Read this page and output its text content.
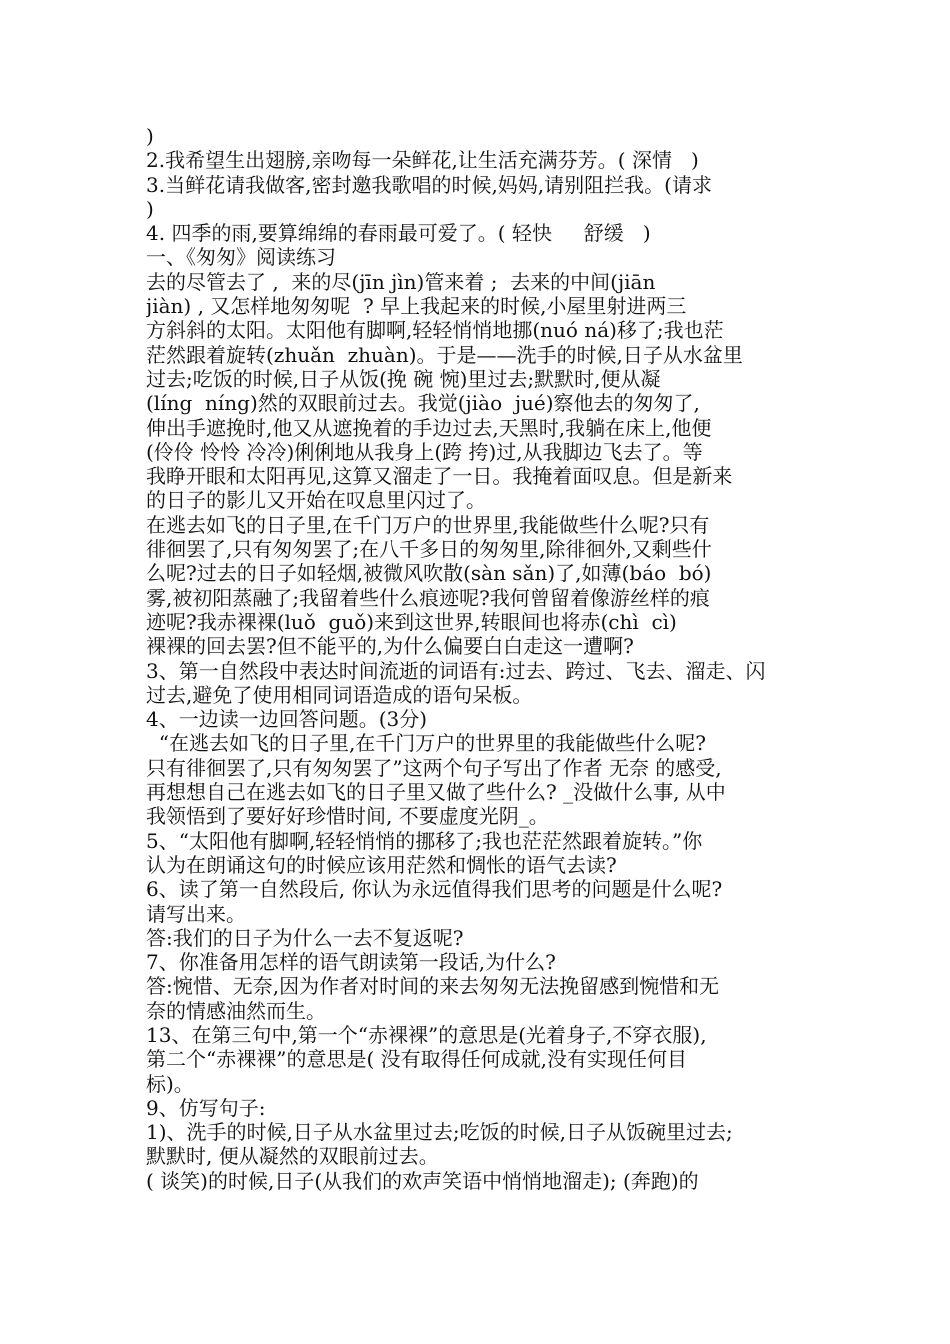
)
2.我希望生出翅膀,亲吻每一朵鲜花,让生活充满芬芳。( 深情   )
3.当鲜花请我做客,密封邀我歌唱的时候,妈妈,请别阻拦我。(请求
)
4. 四季的雨,要算绵绵的春雨最可爱了。( 轻快     舒缓   )
一、《匆匆》阅读练习
去的尽管去了 ,  来的尽(jīn jìn)管来着 ;  去来的中间(jiān
jiàn) , 又怎样地匆匆呢  ? 早上我起来的时候,小屋里射进两三
方斜斜的太阳。太阳他有脚啊,轻轻悄悄地挪(nuó ná)移了;我也茫
茫然跟着旋转(zhuǎn  zhuàn)。于是——洗手的时候,日子从水盆里
过去;吃饭的时候,日子从饭(挽 碗 惋)里过去;默默时,便从凝
(líng  níng)然的双眼前过去。我觉(jiào  jué)察他去的匆匆了,
伸出手遮挽时,他又从遮挽着的手边过去,天黑时,我躺在床上,他便
(伶伶 怜怜 冷冷)俐俐地从我身上(跨 挎)过,从我脚边飞去了。等
我睁开眼和太阳再见,这算又溜走了一日。我掩着面叹息。但是新来
的日子的影儿又开始在叹息里闪过了。
在逃去如飞的日子里,在千门万户的世界里,我能做些什么呢?只有
徘徊罢了,只有匆匆罢了;在八千多日的匆匆里,除徘徊外,又剩些什
么呢?过去的日子如轻烟,被微风吹散(sàn sǎn)了,如薄(báo  bó)
雾,被初阳蒸融了;我留着些什么痕迹呢?我何曾留着像游丝样的痕
迹呢?我赤裸裸(luǒ  guǒ)来到这世界,转眼间也将赤(chì  cì)
裸裸的回去罢?但不能平的,为什么偏要白白走这一遭啊?
3、第一自然段中表达时间流逝的词语有:过去、跨过、飞去、溜走、闪
过去,避免了使用相同词语造成的语句呆板。
4、一边读一边回答问题。(3分)
“在逃去如飞的日子里,在千门万户的世界里的我能做些什么呢?
只有徘徊罢了,只有匆匆罢了”这两个句子写出了作者 无奈 的感受,
再想想自己在逃去如飞的日子里又做了些什么? _没做什么事, 从中
我领悟到了要好好珍惜时间, 不要虚度光阴_。
5、“太阳他有脚啊,轻轻悄悄的挪移了;我也茫茫然跟着旋转。”你
认为在朗诵这句的时候应该用茫然和惆怅的语气去读?
6、读了第一自然段后, 你认为永远值得我们思考的问题是什么呢?
请写出来。
答:我们的日子为什么一去不复返呢?
7、你准备用怎样的语气朗读第一段话,为什么?
答:惋惜、无奈,因为作者对时间的来去匆匆无法挽留感到惋惜和无
奈的情感油然而生。
13、在第三句中,第一个“赤裸裸”的意思是(光着身子,不穿衣服),
第二个“赤裸裸”的意思是( 没有取得任何成就,没有实现任何目
标)。
9、仿写句子:
1)、洗手的时候,日子从水盆里过去;吃饭的时候,日子从饭碗里过去;
默默时, 便从凝然的双眼前过去。
( 谈笑)的时候,日子(从我们的欢声笑语中悄悄地溜走); (奔跑)的
